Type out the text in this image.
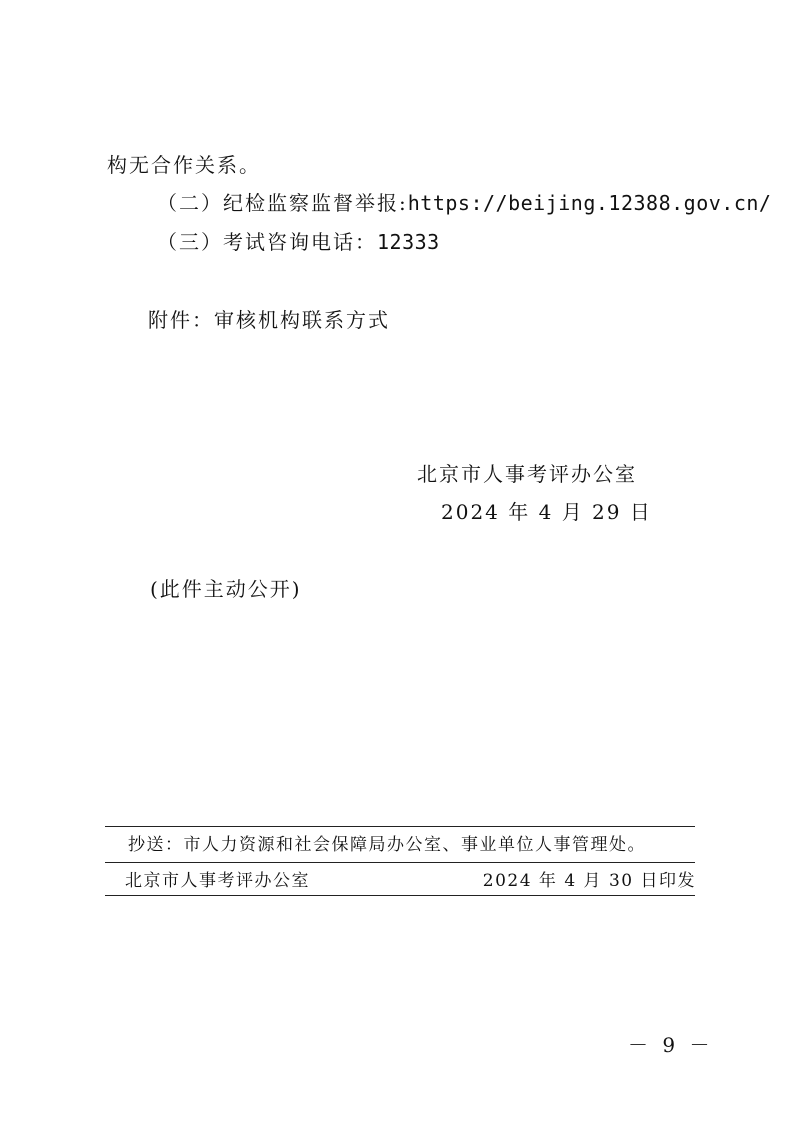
构无合作关系。
（二）纪检监察监督举报:https://beijing.12388.gov.cn/
（三）考试咨询电话：12333
附件：审核机构联系方式
北京市人事考评办公室
2024 年 4 月 29 日
(此件主动公开)
抄送：市人力资源和社会保障局办公室、事业单位人事管理处。
北京市人事考评办公室	2024 年 4 月 30 日印发
－ 9 －
